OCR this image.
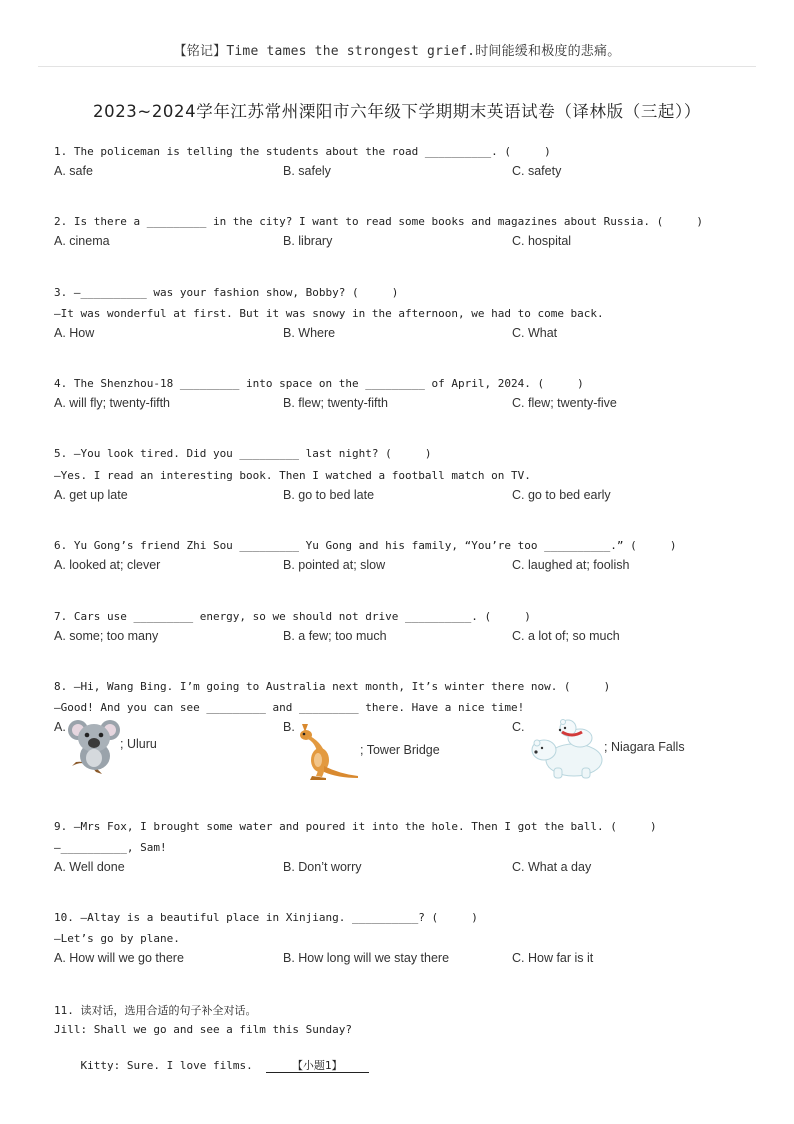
【铭记】Time tames the strongest grief.时间能缓和极度的悲痛。
2023~2024学年江苏常州溧阳市六年级下学期期末英语试卷（译林版（三起））
1. The policeman is telling the students about the road __________. (     )
A. safe	B. safely	C. safety
2. Is there a _________ in the city? I want to read some books and magazines about Russia. (     )
A. cinema	B. library	C. hospital
3. —__________ was your fashion show, Bobby? (     )
—It was wonderful at first. But it was snowy in the afternoon, we had to come back.
A. How	B. Where	C. What
4. The Shenzhou-18 _________ into space on the _________ of April, 2024. (     )
A. will fly; twenty-fifth	B. flew; twenty-fifth	C. flew; twenty-five
5. —You look tired. Did you _________ last night? (     )
—Yes. I read an interesting book. Then I watched a football match on TV.
A. get up late	B. go to bed late	C. go to bed early
6. Yu Gong’s friend Zhi Sou _________ Yu Gong and his family, “You’re too __________.” (     )
A. looked at; clever	B. pointed at; slow	C. laughed at; foolish
7. Cars use _________ energy, so we should not drive __________. (     )
A. some; too many	B. a few; too much	C. a lot of; so much
8. —Hi, Wang Bing. I’m going to Australia next month, It’s winter there now. (     )
—Good! And you can see _________ and _________ there. Have a nice time!
A.	B.	C.
; Uluru	; Tower Bridge	; Niagara Falls
9. —Mrs Fox, I brought some water and poured it into the hole. Then I got the ball. (     )
—__________, Sam!
A. Well done	B. Don’t worry	C. What a day
10. —Altay is a beautiful place in Xinjiang. __________? (     )
—Let’s go by plane.
A. How will we go there	B. How long will we stay there	C. How far is it
11. 读对话，选用合适的句子补全对话。
Jill: Shall we go and see a film this Sunday?

Kitty: Sure. I love films.  【小题1】
